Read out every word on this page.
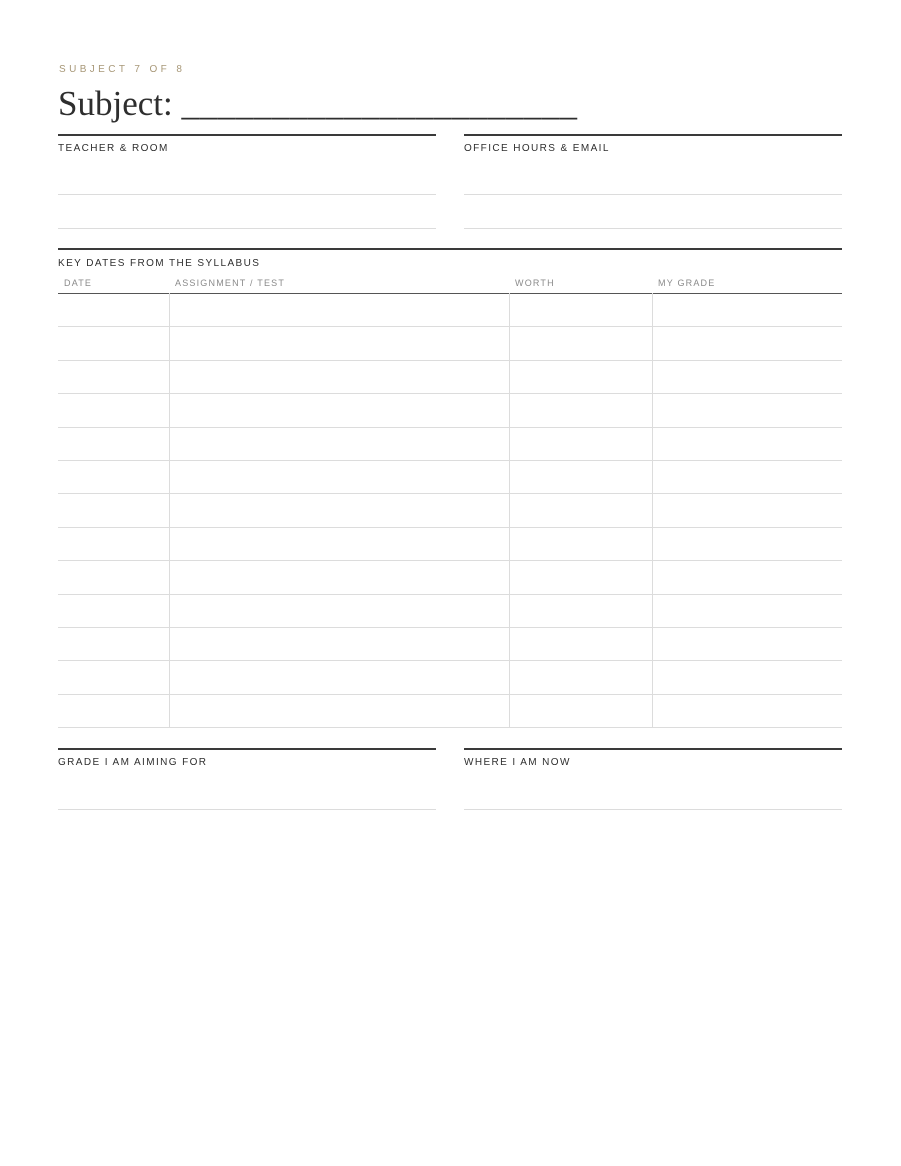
SUBJECT 7 OF 8
Subject: ______________________
TEACHER & ROOM	OFFICE HOURS & EMAIL
KEY DATES FROM THE SYLLABUS
DATE	ASSIGNMENT / TEST	WORTH	MY GRADE

GRADE I AM AIMING FOR	WHERE I AM NOW
